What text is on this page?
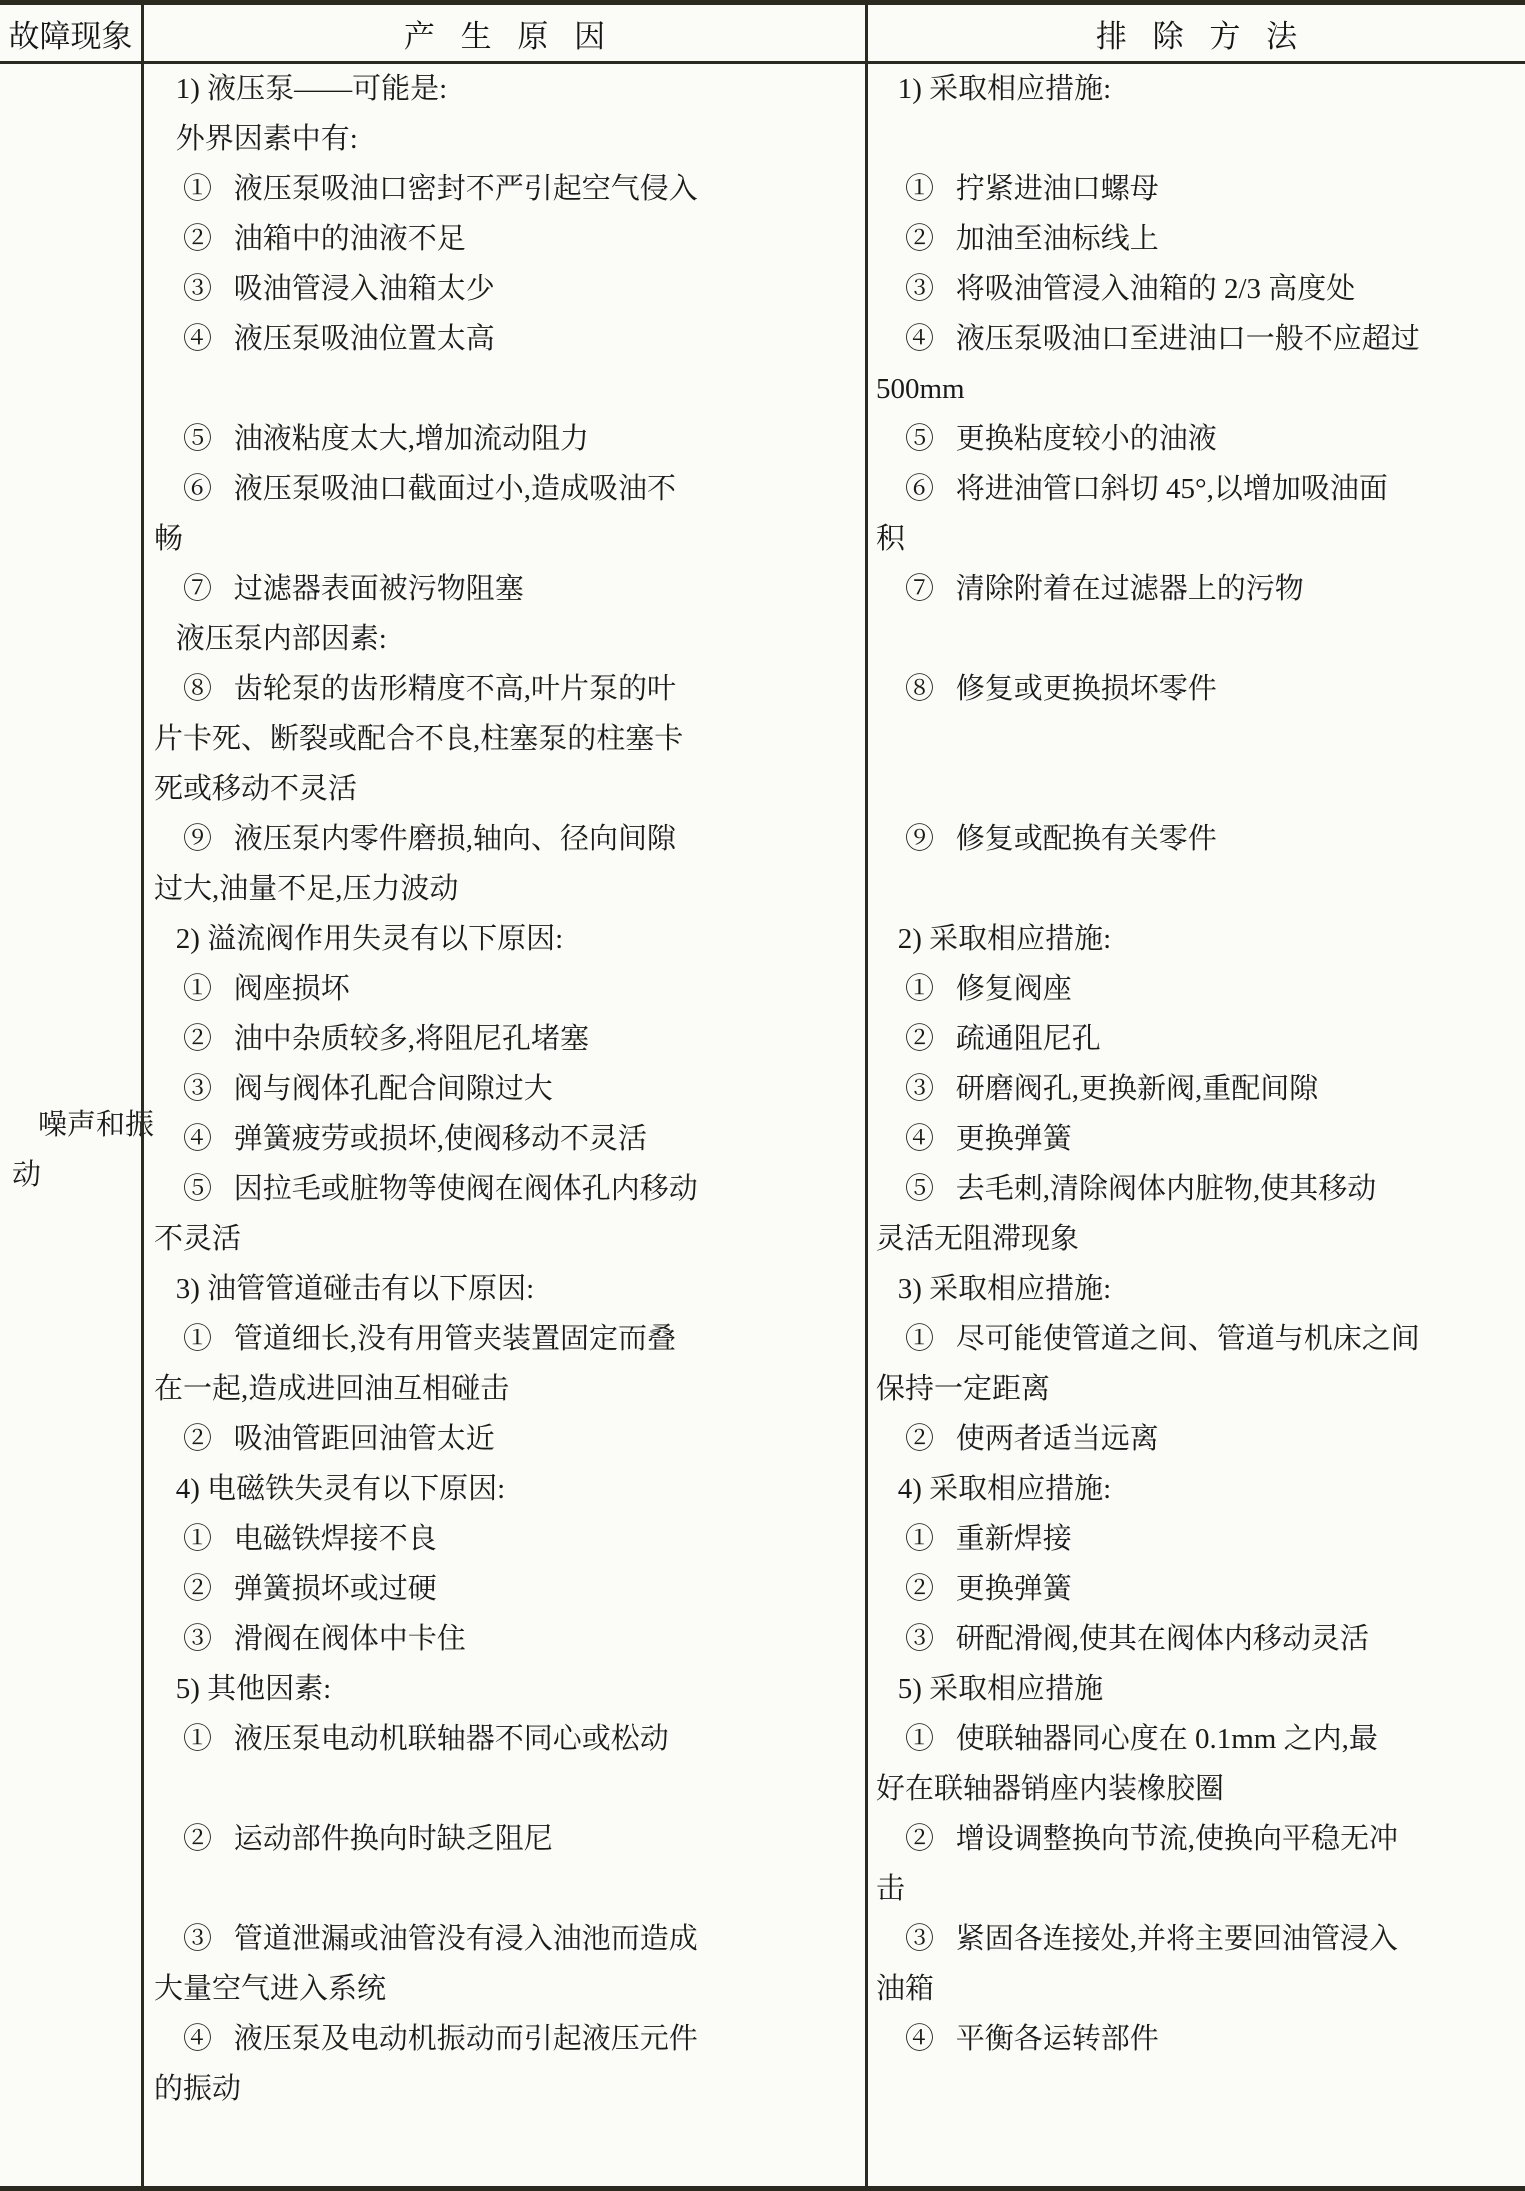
故障现象	产 生 原 因	排 除 方 法
噪声和振
动
1) 液压泵——可能是:
外界因素中有:
①   液压泵吸油口密封不严引起空气侵入
②   油箱中的油液不足
③   吸油管浸入油箱太少
④   液压泵吸油位置太高
⑤   油液粘度太大,增加流动阻力
⑥   液压泵吸油口截面过小,造成吸油不
畅
⑦   过滤器表面被污物阻塞
液压泵内部因素:
⑧   齿轮泵的齿形精度不高,叶片泵的叶
片卡死、断裂或配合不良,柱塞泵的柱塞卡
死或移动不灵活
⑨   液压泵内零件磨损,轴向、径向间隙
过大,油量不足,压力波动
2) 溢流阀作用失灵有以下原因:
①   阀座损坏
②   油中杂质较多,将阻尼孔堵塞
③   阀与阀体孔配合间隙过大
④   弹簧疲劳或损坏,使阀移动不灵活
⑤   因拉毛或脏物等使阀在阀体孔内移动
不灵活
3) 油管管道碰击有以下原因:
①   管道细长,没有用管夹装置固定而叠
在一起,造成进回油互相碰击
②   吸油管距回油管太近
4) 电磁铁失灵有以下原因:
①   电磁铁焊接不良
②   弹簧损坏或过硬
③   滑阀在阀体中卡住
5) 其他因素:
①   液压泵电动机联轴器不同心或松动
②   运动部件换向时缺乏阻尼
③   管道泄漏或油管没有浸入油池而造成
大量空气进入系统
④   液压泵及电动机振动而引起液压元件
的振动
1) 采取相应措施:
①   拧紧进油口螺母
②   加油至油标线上
③   将吸油管浸入油箱的 2/3 高度处
④   液压泵吸油口至进油口一般不应超过
500mm
⑤   更换粘度较小的油液
⑥   将进油管口斜切 45°,以增加吸油面
积
⑦   清除附着在过滤器上的污物
⑧   修复或更换损坏零件
⑨   修复或配换有关零件
2) 采取相应措施:
①   修复阀座
②   疏通阻尼孔
③   研磨阀孔,更换新阀,重配间隙
④   更换弹簧
⑤   去毛刺,清除阀体内脏物,使其移动
灵活无阻滞现象
3) 采取相应措施:
①   尽可能使管道之间、管道与机床之间
保持一定距离
②   使两者适当远离
4) 采取相应措施:
①   重新焊接
②   更换弹簧
③   研配滑阀,使其在阀体内移动灵活
5) 采取相应措施
①   使联轴器同心度在 0.1mm 之内,最
好在联轴器销座内装橡胶圈
②   增设调整换向节流,使换向平稳无冲
击
③   紧固各连接处,并将主要回油管浸入
油箱
④   平衡各运转部件
